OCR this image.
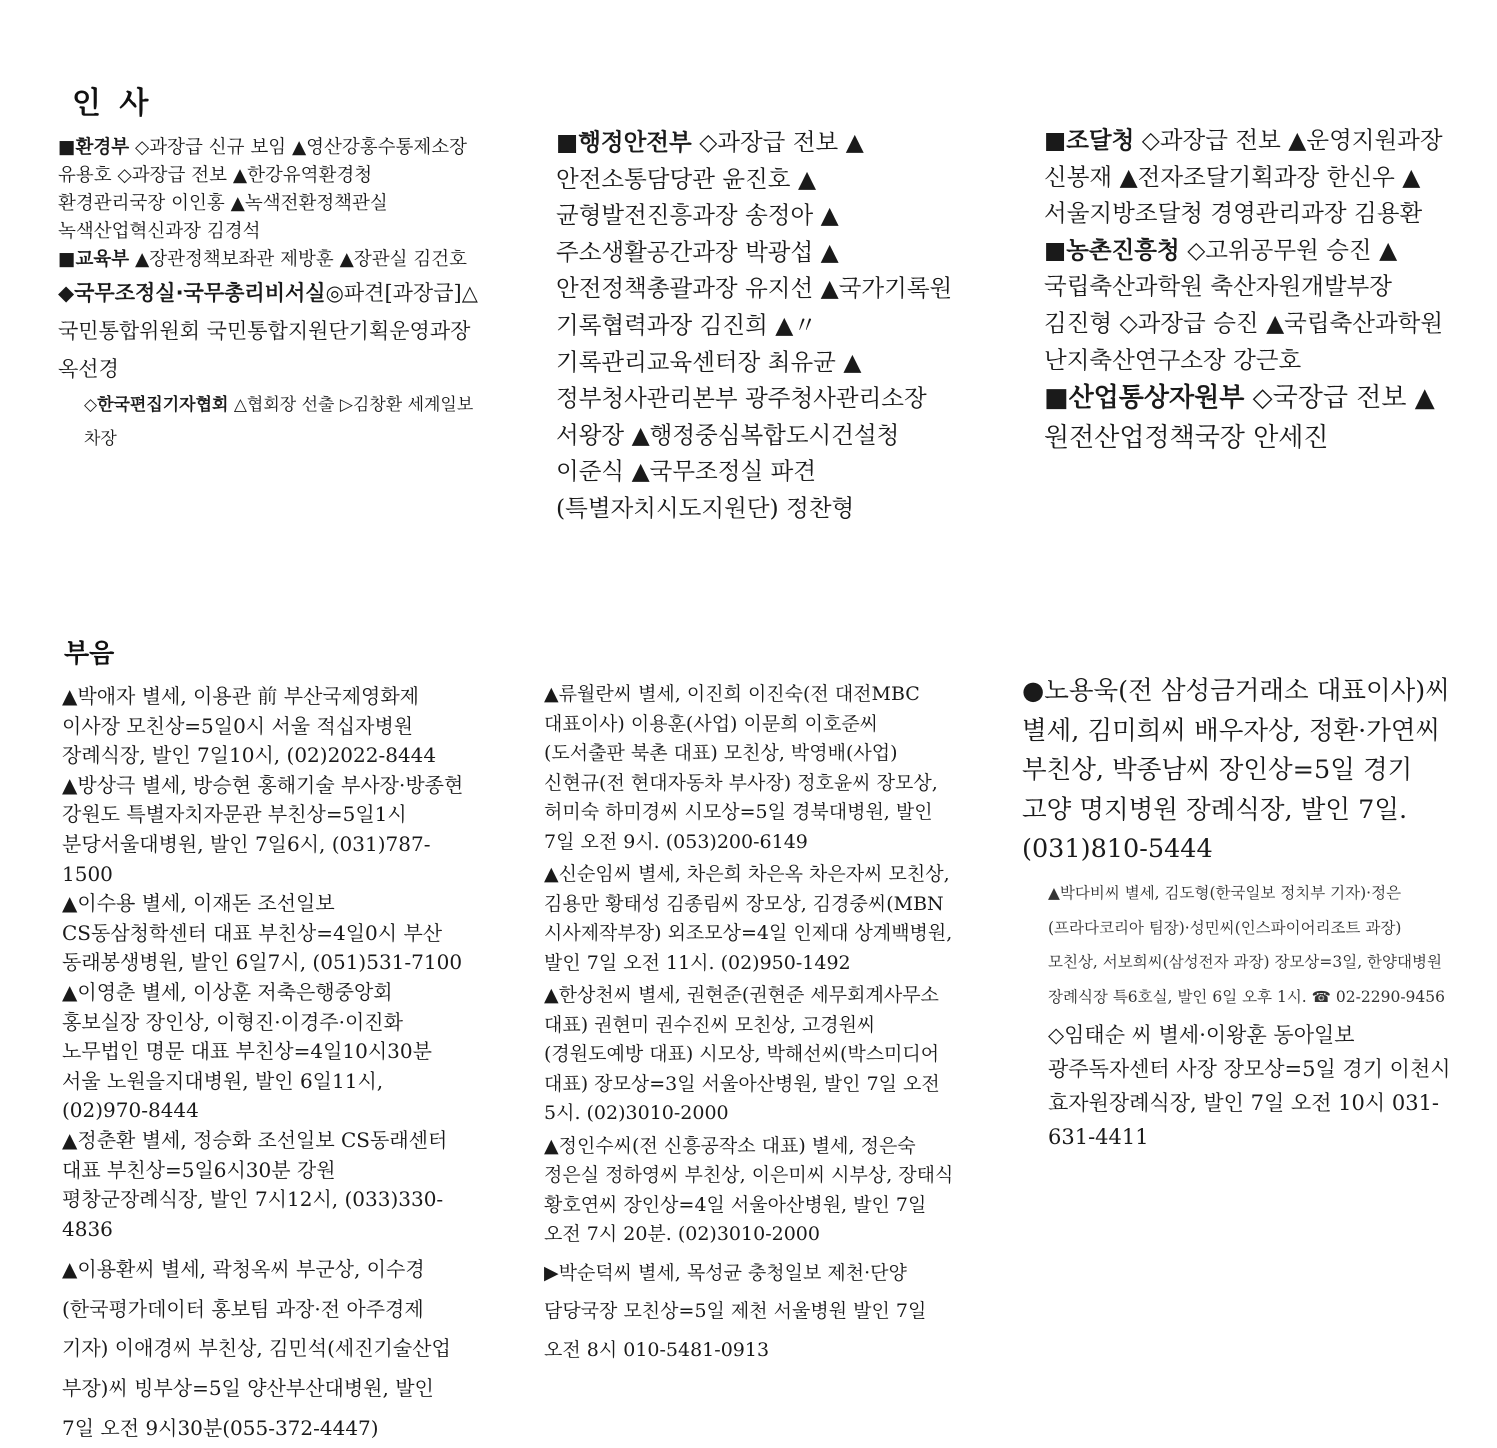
인 사

■환경부 ◇과장급 신규 보임 ▲영산강홍수통제소장 유용호 ◇과장급 전보 ▲한강유역환경청 환경관리국장 이인홍 ▲녹색전환정책관실 녹색산업혁신과장 김경석

■교육부 ▲장관정책보좌관 제방훈 ▲장관실 김건호

◆국무조정실·국무총리비서실◎파견[과장급]△국민통합위원회 국민통합지원단기획운영과장 옥선경

◇한국편집기자협회 △협회장 선출 ▷김창환 세계일보 차장

■행정안전부 ◇과장급 전보 ▲안전소통담당관 윤진호 ▲균형발전진흥과장 송정아 ▲주소생활공간과장 박광섭 ▲안전정책총괄과장 유지선 ▲국가기록원 기록협력과장 김진희 ▲〃 기록관리교육센터장 최유균 ▲정부청사관리본부 광주청사관리소장 서왕장 ▲행정중심복합도시건설청 이준식 ▲국무조정실 파견(특별자치시도지원단) 정찬형

■조달청 ◇과장급 전보 ▲운영지원과장 신봉재 ▲전자조달기획과장 한신우 ▲서울지방조달청 경영관리과장 김용환

■농촌진흥청 ◇고위공무원 승진 ▲국립축산과학원 축산자원개발부장 김진형 ◇과장급 승진 ▲국립축산과학원 난지축산연구소장 강근호

■산업통상자원부 ◇국장급 전보 ▲원전산업정책국장 안세진

부음

▲박애자 별세, 이용관 前 부산국제영화제 이사장 모친상=5일0시 서울 적십자병원 장례식장, 발인 7일10시, (02)2022-8444

▲방상극 별세, 방승현 홍해기술 부사장·방종현 강원도 특별자치자문관 부친상=5일1시 분당서울대병원, 발인 7일6시, (031)787-1500

▲이수용 별세, 이재돈 조선일보 CS동삼청학센터 대표 부친상=4일0시 부산 동래봉생병원, 발인 6일7시, (051)531-7100

▲이영춘 별세, 이상훈 저축은행중앙회 홍보실장 장인상, 이형진·이경주·이진화 노무법인 명문 대표 부친상=4일10시30분 서울 노원을지대병원, 발인 6일11시, (02)970-8444

▲정춘환 별세, 정승화 조선일보 CS동래센터 대표 부친상=5일6시30분 강원 평창군장례식장, 발인 7시12시, (033)330-4836

▲이용환씨 별세, 곽청옥씨 부군상, 이수경(한국평가데이터 홍보팀 과장·전 아주경제 기자) 이애경씨 부친상, 김민석(세진기술산업 부장)씨 빙부상=5일 양산부산대병원, 발인 7일 오전 9시30분(055-372-4447)

▲류월란씨 별세, 이진희 이진숙(전 대전MBC 대표이사) 이용훈(사업) 이문희 이호준씨(도서출판 북촌 대표) 모친상, 박영배(사업) 신현규(전 현대자동차 부사장) 정호윤씨 장모상, 허미숙 하미경씨 시모상=5일 경북대병원, 발인 7일 오전 9시. (053)200-6149

▲신순임씨 별세, 차은희 차은옥 차은자씨 모친상, 김용만 황태성 김종림씨 장모상, 김경중씨(MBN 시사제작부장) 외조모상=4일 인제대 상계백병원, 발인 7일 오전 11시. (02)950-1492

▲한상천씨 별세, 권현준(권현준 세무회계사무소 대표) 권현미 권수진씨 모친상, 고경원씨(경원도예방 대표) 시모상, 박해선씨(박스미디어 대표) 장모상=3일 서울아산병원, 발인 7일 오전 5시. (02)3010-2000

▲정인수씨(전 신흥공작소 대표) 별세, 정은숙 정은실 정하영씨 부친상, 이은미씨 시부상, 장태식 황호연씨 장인상=4일 서울아산병원, 발인 7일 오전 7시 20분. (02)3010-2000

▶박순덕씨 별세, 목성균 충청일보 제천·단양 담당국장 모친상=5일 제천 서울병원 발인 7일 오전 8시 010-5481-0913

●노용욱(전 삼성금거래소 대표이사)씨 별세, 김미희씨 배우자상, 정환·가연씨 부친상, 박종남씨 장인상=5일 경기 고양 명지병원 장례식장, 발인 7일. (031)810-5444

▲박다비씨 별세, 김도형(한국일보 정치부 기자)·정은(프라다코리아 팀장)·성민씨(인스파이어리조트 과장) 모친상, 서보희씨(삼성전자 과장) 장모상=3일, 한양대병원 장례식장 특6호실, 발인 6일 오후 1시. ☎ 02-2290-9456

◇임태순 씨 별세·이왕훈 동아일보 광주독자센터 사장 장모상=5일 경기 이천시 효자원장례식장, 발인 7일 오전 10시 031-631-4411
